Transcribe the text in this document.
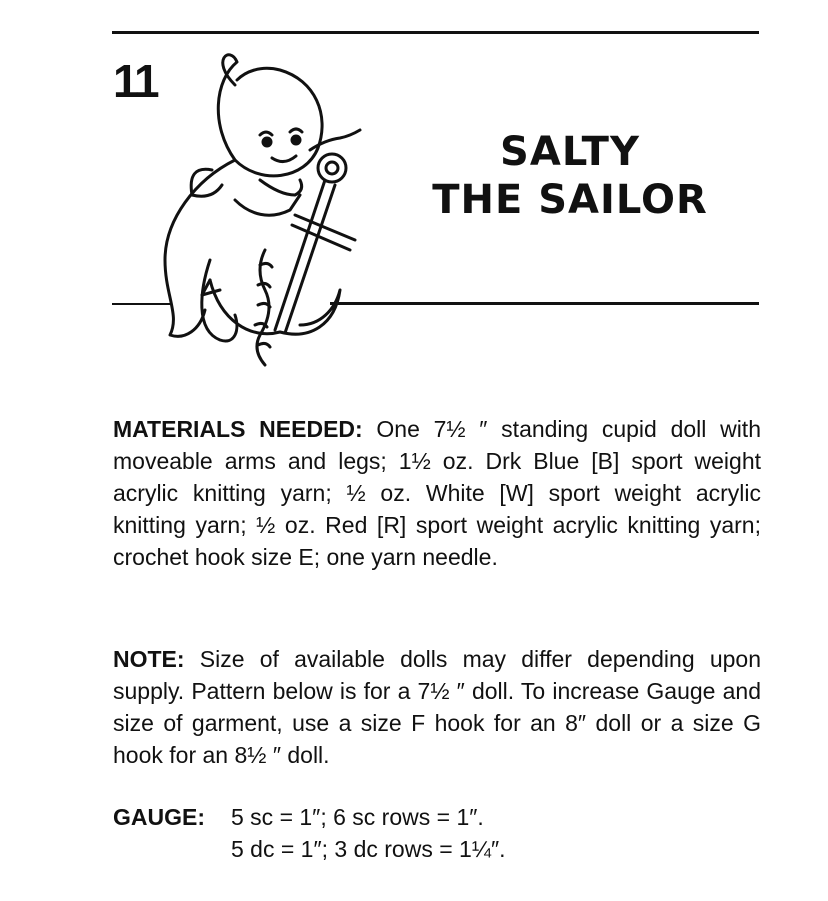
11
SALTY
THE SAILOR

MATERIALS NEEDED: One 7½ ″ standing cupid doll with moveable arms and legs; 1½ oz. Drk Blue [B] sport weight acrylic knitting yarn; ½ oz. White [W] sport weight acrylic knitting yarn; ½ oz. Red [R] sport weight acrylic knitting yarn; crochet hook size E; one yarn needle.

NOTE: Size of available dolls may differ depending upon supply. Pattern below is for a 7½ ″ doll. To increase Gauge and size of garment, use a size F hook for an 8″ doll or a size G hook for an 8½ ″ doll.

GAUGE: 5 sc = 1″; 6 sc rows = 1″.
5 dc = 1″; 3 dc rows = 1¼″.
